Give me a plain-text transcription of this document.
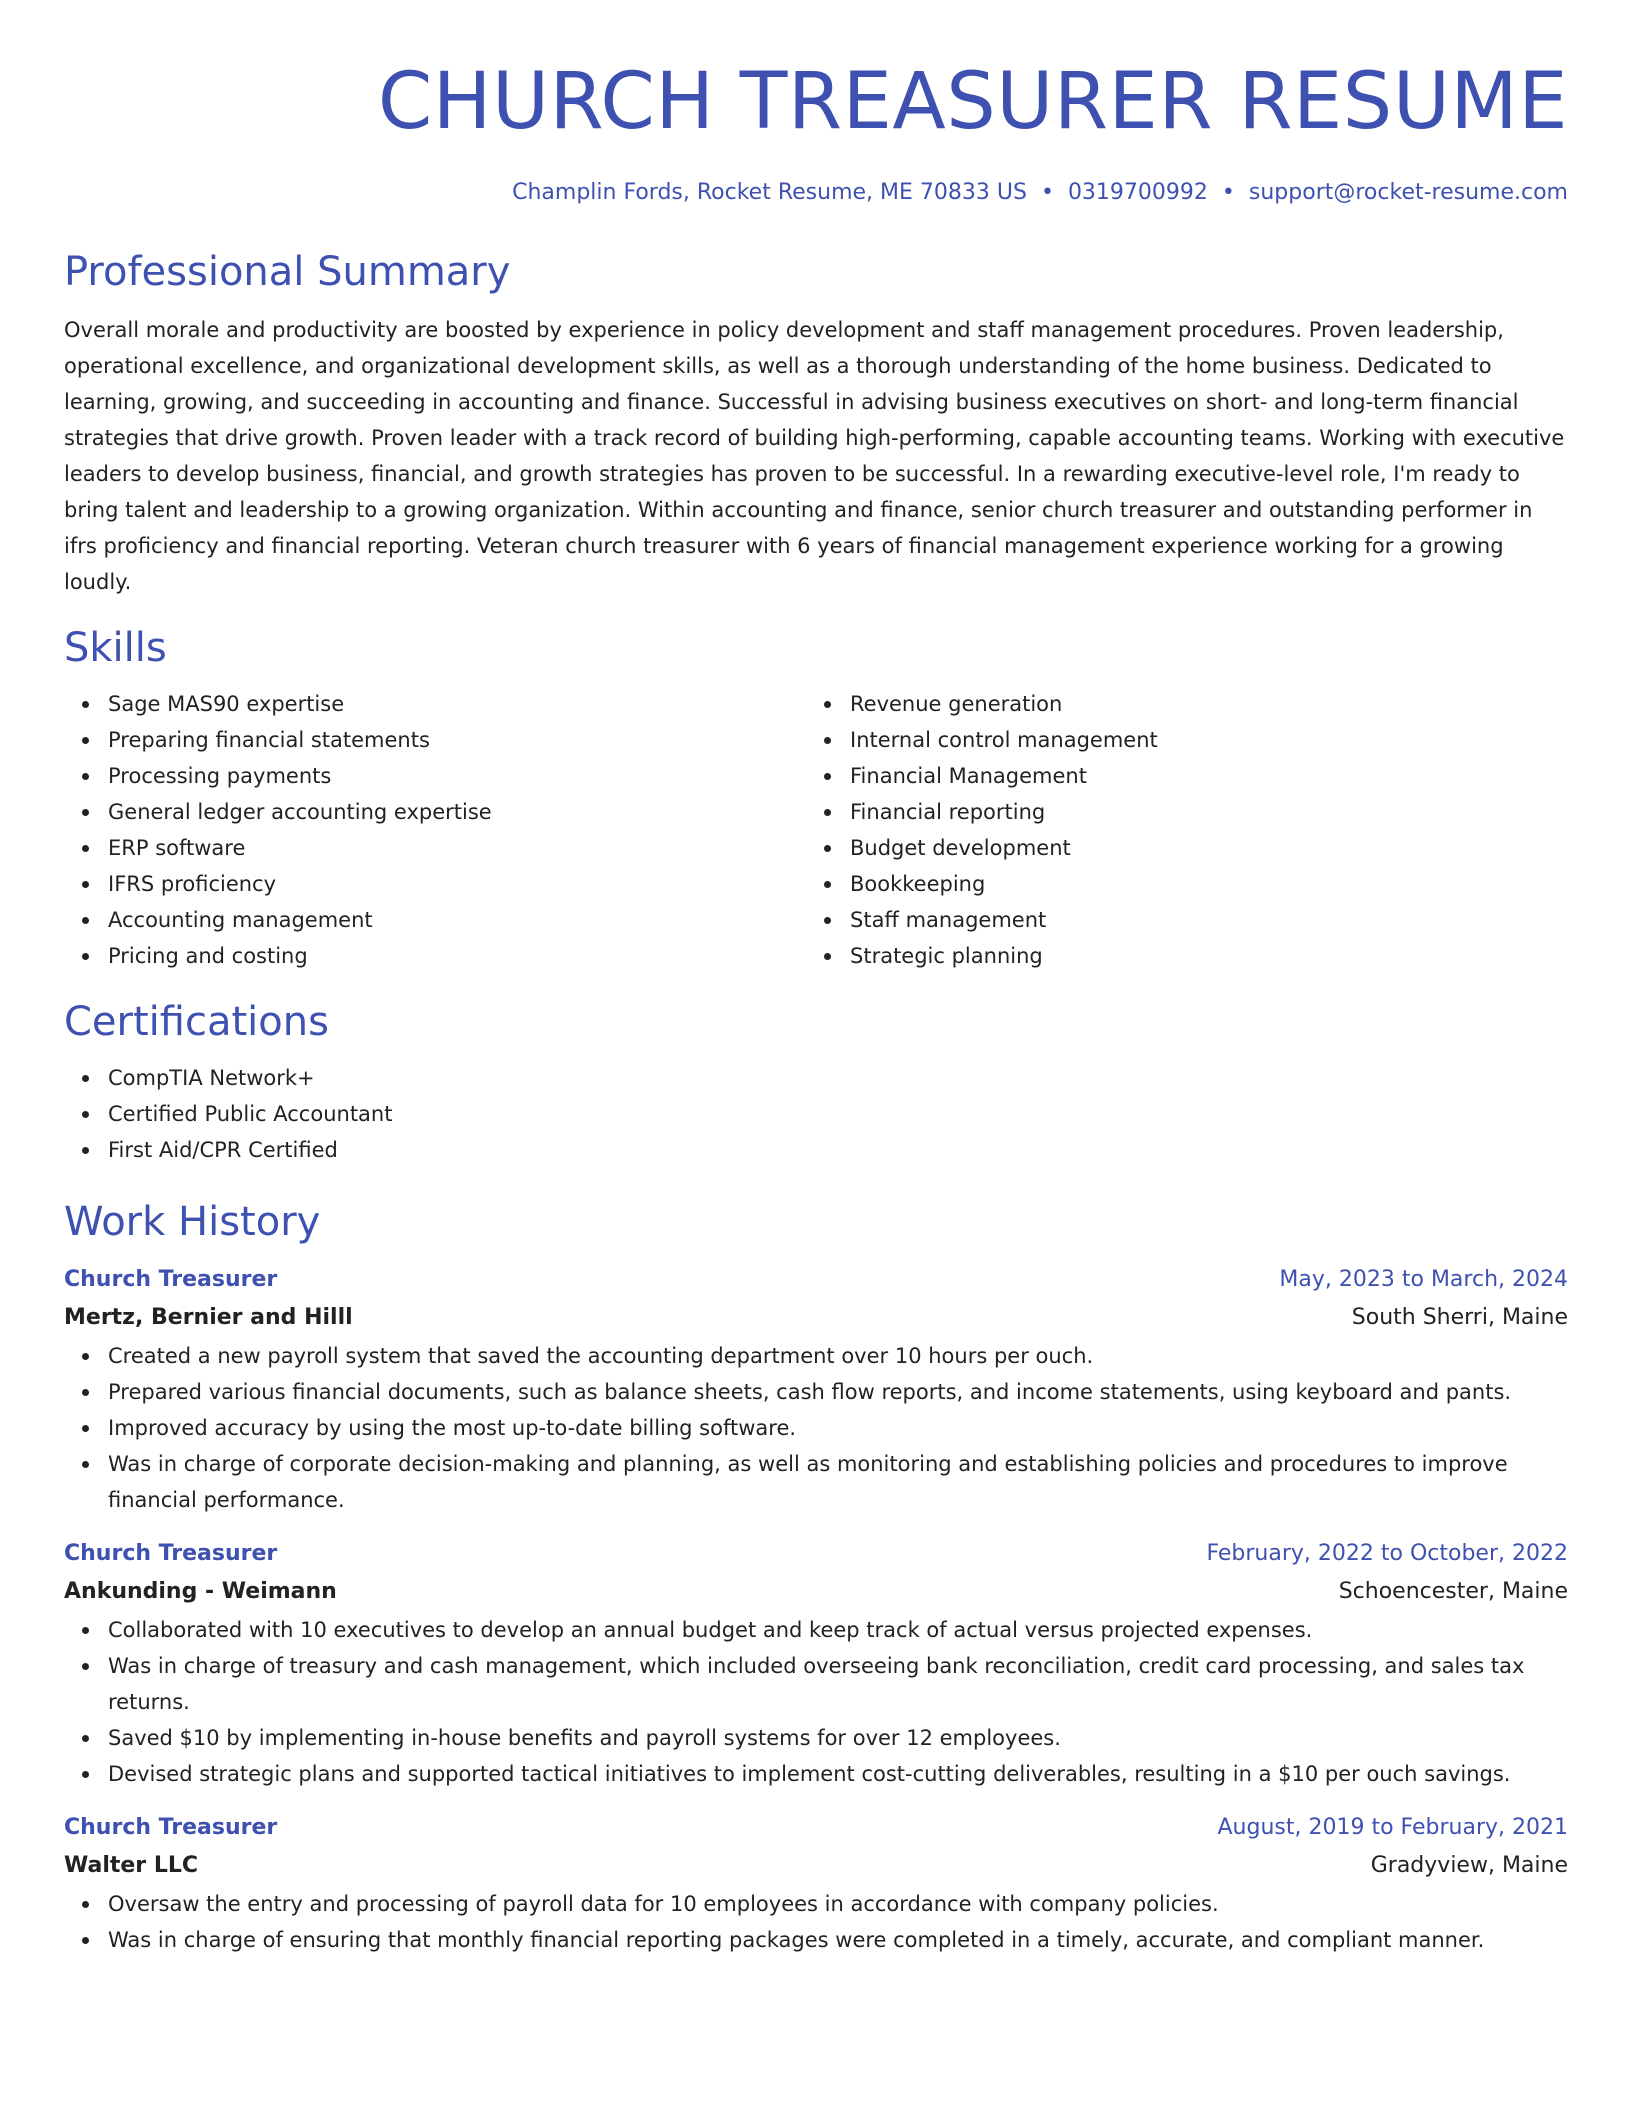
CHURCH TREASURER RESUME
Champlin Fords, Rocket Resume, ME 70833 US • 0319700992 • support@rocket-resume.com
Professional Summary

Overall morale and productivity are boosted by experience in policy development and staff management procedures. Proven leadership, operational excellence, and organizational development skills, as well as a thorough understanding of the home business. Dedicated to learning, growing, and succeeding in accounting and finance. Successful in advising business executives on short- and long-term financial strategies that drive growth. Proven leader with a track record of building high-performing, capable accounting teams. Working with executive leaders to develop business, financial, and growth strategies has proven to be successful. In a rewarding executive-level role, I'm ready to bring talent and leadership to a growing organization. Within accounting and finance, senior church treasurer and outstanding performer in ifrs proficiency and financial reporting. Veteran church treasurer with 6 years of financial management experience working for a growing loudly.

Skills
Sage MAS90 expertise
Preparing financial statements
Processing payments
General ledger accounting expertise
ERP software
IFRS proficiency
Accounting management
Pricing and costing
Revenue generation
Internal control management
Financial Management
Financial reporting
Budget development
Bookkeeping
Staff management
Strategic planning
Certifications
CompTIA Network+
Certified Public Accountant
First Aid/CPR Certified
Work History
Church Treasurer	May, 2023 to March, 2024
Mertz, Bernier and Hilll	South Sherri, Maine
Created a new payroll system that saved the accounting department over 10 hours per ouch.
Prepared various financial documents, such as balance sheets, cash flow reports, and income statements, using keyboard and pants.
Improved accuracy by using the most up-to-date billing software.
Was in charge of corporate decision-making and planning, as well as monitoring and establishing policies and procedures to improve financial performance.
Church Treasurer	February, 2022 to October, 2022
Ankunding - Weimann	Schoencester, Maine
Collaborated with 10 executives to develop an annual budget and keep track of actual versus projected expenses.
Was in charge of treasury and cash management, which included overseeing bank reconciliation, credit card processing, and sales tax returns.
Saved $10 by implementing in-house benefits and payroll systems for over 12 employees.
Devised strategic plans and supported tactical initiatives to implement cost-cutting deliverables, resulting in a $10 per ouch savings.
Church Treasurer	August, 2019 to February, 2021
Walter LLC	Gradyview, Maine
Oversaw the entry and processing of payroll data for 10 employees in accordance with company policies.
Was in charge of ensuring that monthly financial reporting packages were completed in a timely, accurate, and compliant manner.
